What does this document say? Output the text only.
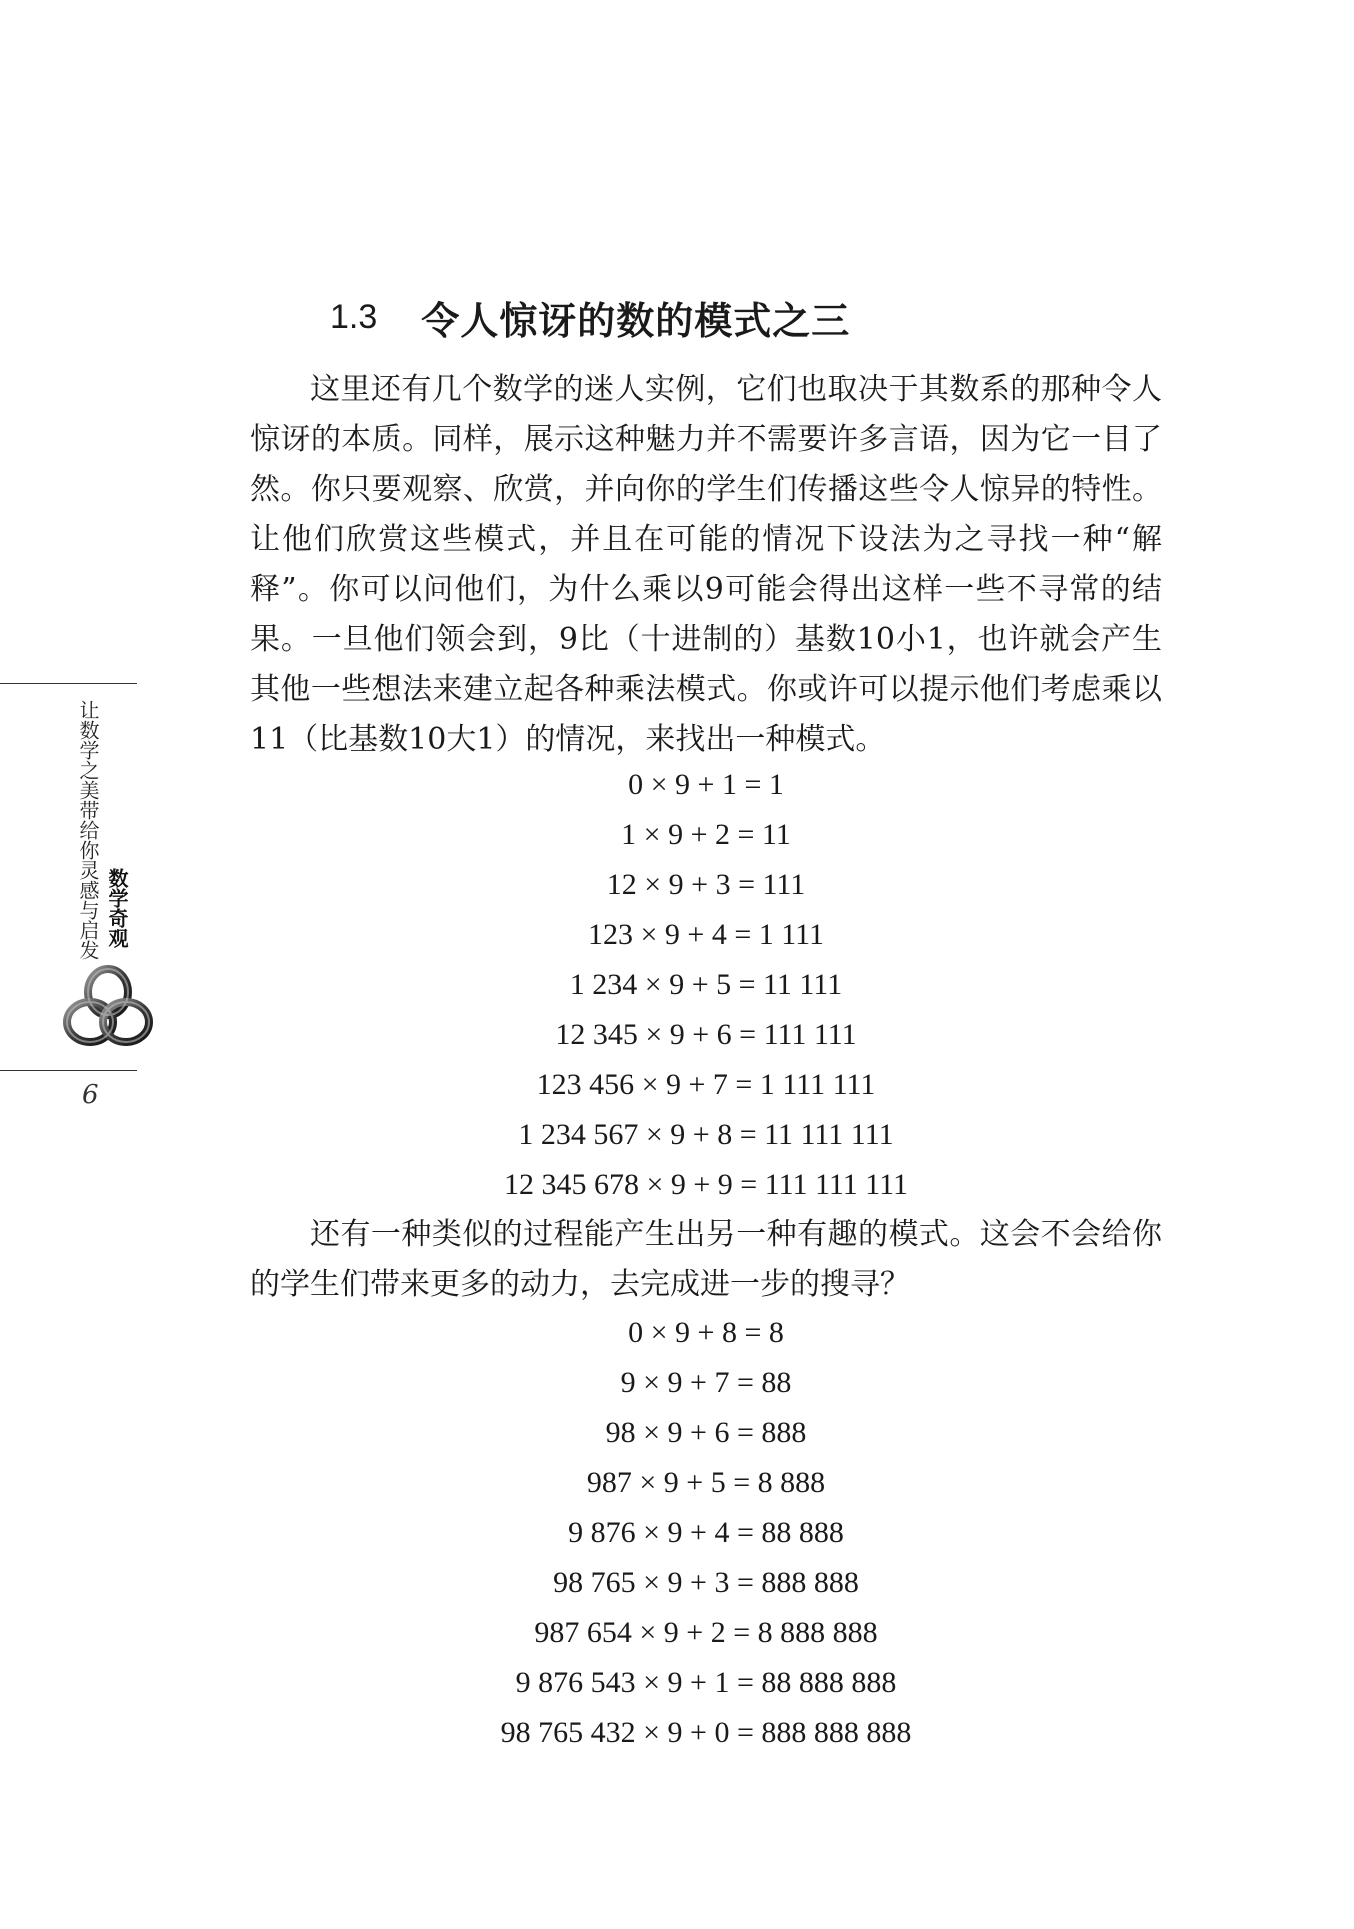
1.3 令人惊讶的数的模式之三

这里还有几个数学的迷人实例，它们也取决于其数系的那种令人惊讶的本质。同样，展示这种魅力并不需要许多言语，因为它一目了然。你只要观察、欣赏，并向你的学生们传播这些令人惊异的特性。让他们欣赏这些模式，并且在可能的情况下设法为之寻找一种“解释”。你可以问他们，为什么乘以9可能会得出这样一些不寻常的结果。一旦他们领会到，9比（十进制的）基数10小1，也许就会产生其他一些想法来建立起各种乘法模式。你或许可以提示他们考虑乘以11（比基数10大1）的情况，来找出一种模式。

0 × 9 + 1 = 1
1 × 9 + 2 = 11
12 × 9 + 3 = 111
123 × 9 + 4 = 1 111
1 234 × 9 + 5 = 11 111
12 345 × 9 + 6 = 111 111
123 456 × 9 + 7 = 1 111 111
1 234 567 × 9 + 8 = 11 111 111
12 345 678 × 9 + 9 = 111 111 111

还有一种类似的过程能产生出另一种有趣的模式。这会不会给你的学生们带来更多的动力，去完成进一步的搜寻？

0 × 9 + 8 = 8
9 × 9 + 7 = 88
98 × 9 + 6 = 888
987 × 9 + 5 = 8 888
9 876 × 9 + 4 = 88 888
98 765 × 9 + 3 = 888 888
987 654 × 9 + 2 = 8 888 888
9 876 543 × 9 + 1 = 88 888 888
98 765 432 × 9 + 0 = 888 888 888
让数学之美带给你灵感与启发 数学奇观
6
